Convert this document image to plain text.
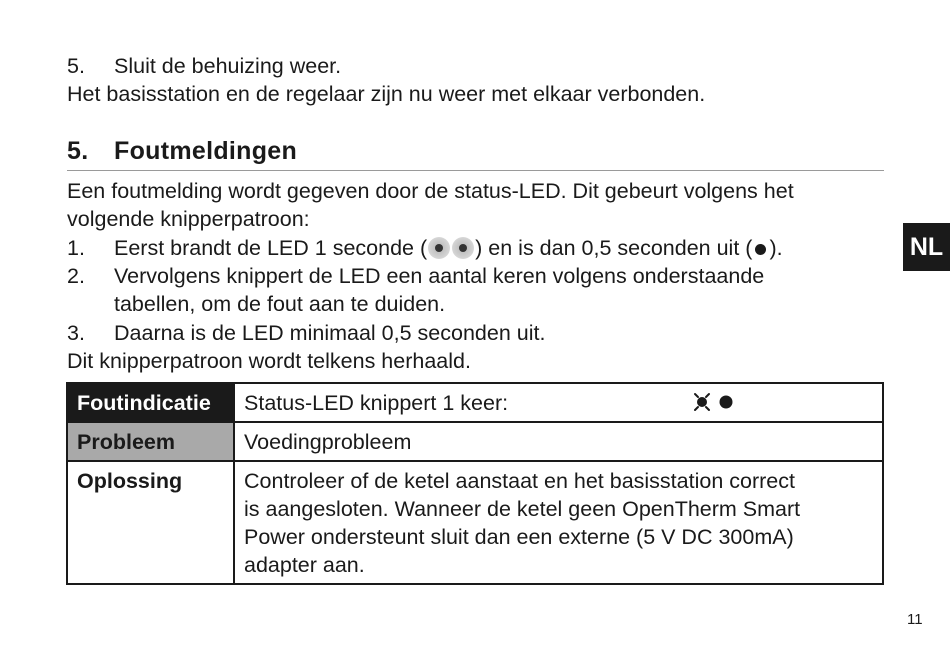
5. Sluit de behuizing weer.
Het basisstation en de regelaar zijn nu weer met elkaar verbonden.
5. Foutmeldingen
Een foutmelding wordt gegeven door de status-LED. Dit gebeurt volgens het
volgende knipperpatroon:
1. Eerst brandt de LED 1 seconde ( ) en is dan 0,5 seconden uit ( ).
2. Vervolgens knippert de LED een aantal keren volgens onderstaande
tabellen, om de fout aan te duiden.
3. Daarna is de LED minimaal 0,5 seconden uit.
Dit knipperpatroon wordt telkens herhaald.
NL
Foutindicatie	Status-LED knippert 1 keer:
Probleem	Voedingprobleem
Oplossing	Controleer of de ketel aanstaat en het basisstation correct
is aangesloten. Wanneer de ketel geen OpenTherm Smart
Power ondersteunt sluit dan een externe (5 V DC 300mA)
adapter aan.
11
